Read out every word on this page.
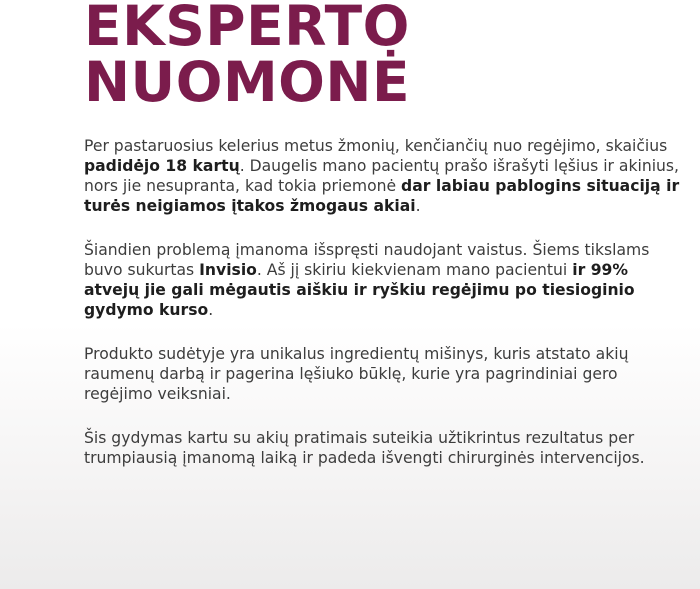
EKSPERTO
NUOMONĖ

Per pastaruosius kelerius metus žmonių, kenčiančių nuo regėjimo, skaičius padidėjo 18 kartų. Daugelis mano pacientų prašo išrašyti lęšius ir akinius, nors jie nesupranta, kad tokia priemonė dar labiau pablogins situaciją ir turės neigiamos įtakos žmogaus akiai.

Šiandien problemą įmanoma išspręsti naudojant vaistus. Šiems tikslams buvo sukurtas Invisio. Aš jį skiriu kiekvienam mano pacientui ir 99% atvejų jie gali mėgautis aiškiu ir ryškiu regėjimu po tiesioginio gydymo kurso.

Produkto sudėtyje yra unikalus ingredientų mišinys, kuris atstato akių raumenų darbą ir pagerina lęšiuko būklę, kurie yra pagrindiniai gero regėjimo veiksniai.

Šis gydymas kartu su akių pratimais suteikia užtikrintus rezultatus per trumpiausią įmanomą laiką ir padeda išvengti chirurginės intervencijos.
